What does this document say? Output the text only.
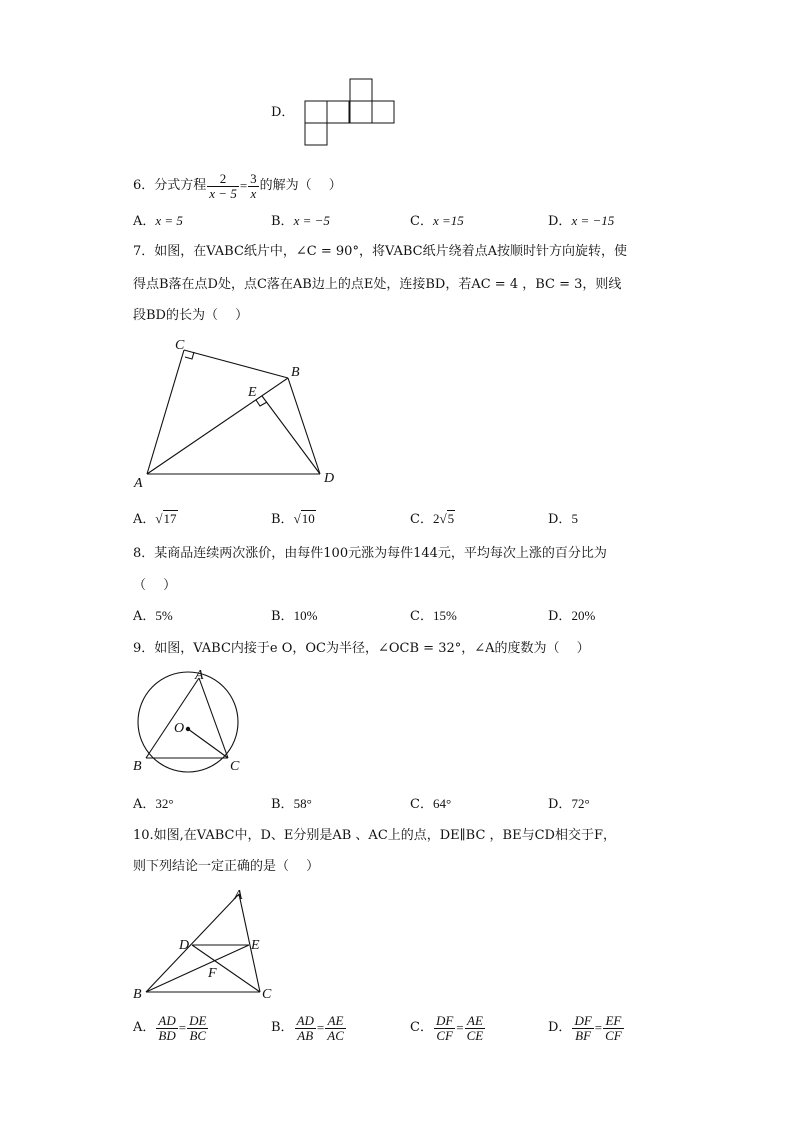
D．
6．分式方程 $\frac{2}{x - 5} = \frac{3}{x}$ 的解为（　 ）
A．x = 5	B．x = −5	C．x =15	D．x = −15
7．如图，在VABC纸片中，∠C = 90°，将VABC纸片绕着点A按顺时针方向旋转，使
得点B落在点D处，点C落在AB边上的点E处，连接BD，若AC = 4 ，BC = 3，则线
段BD的长为（　 ）
C
B
E
A	D
A．√17	B．√10	C．2√5	D．5
8．某商品连续两次涨价，由每件100元涨为每件144元，平均每次上涨的百分比为
（　 ）
A．5%	B．10%	C．15%	D．20%
9．如图，VABC内接于e O，OC为半径，∠OCB = 32°，∠A的度数为（　 ）
A
O
B	C
A．32°	B．58°	C．64°	D．72°
10.如图,在VABC中，D、E分别是AB 、AC上的点，DE∥BC ，BE与CD相交于F，
则下列结论一定正确的是（　 ）
A
D	E
F
B	C
A． $\frac{AD}{BD} = \frac{DE}{BC}$	B． $\frac{AD}{AB} = \frac{AE}{AC}$	C． $\frac{DF}{CF} = \frac{AE}{CE}$	D． $\frac{DF}{BF} = \frac{EF}{CF}$
